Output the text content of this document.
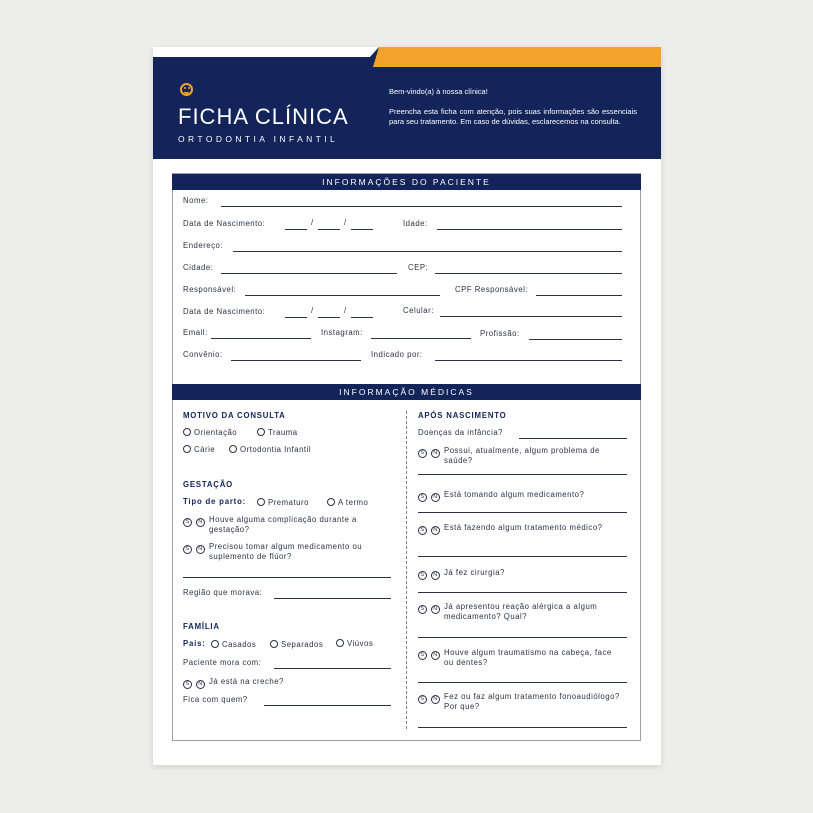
FICHA CLÍNICA
ORTODONTIA INFANTIL
Bem-vindo(a) à nossa clínica!
Preencha esta ficha com atenção, pois suas informações são essenciais para seu tratamento. Em caso de dúvidas, esclarecemos na consulta.
INFORMAÇÕES DO PACIENTE
Nome:
Data de Nascimento:	/	/	Idade:
Endereço:
Cidade:	CEP:
Responsável:	CPF Responsável:
Data de Nascimento:	/	/	Celular:
Email:	Instagram:	Profissão:
Convênio:	Indicado por:
INFORMAÇÃO MÉDICAS
MOTIVO DA CONSULTA
Orientação	Trauma
Cárie	Ortodontia Infantil
GESTAÇÃO
Tipo de parto:	Prematuro	A termo
S N Houve alguma complicação durante a gestação?
S N Precisou tomar algum medicamento ou suplemento de flúor?
Região que morava:
FAMÍLIA
Pais:	Casados	Separados	Viúvos
Paciente mora com:
S N Já está na creche?
Fica com quem?
APÓS NASCIMENTO
Doenças da infância?
S N Possui, atualmente, algum problema de saúde?
S N Está tomando algum medicamento?
S N Está fazendo algum tratamento médico?
S N Já fez cirurgia?
S N Já apresentou reação alérgica a algum medicamento? Qual?
S N Houve algum traumatismo na cabeça, face ou dentes?
S N Fez ou faz algum tratamento fonoaudiólogo? Por que?
